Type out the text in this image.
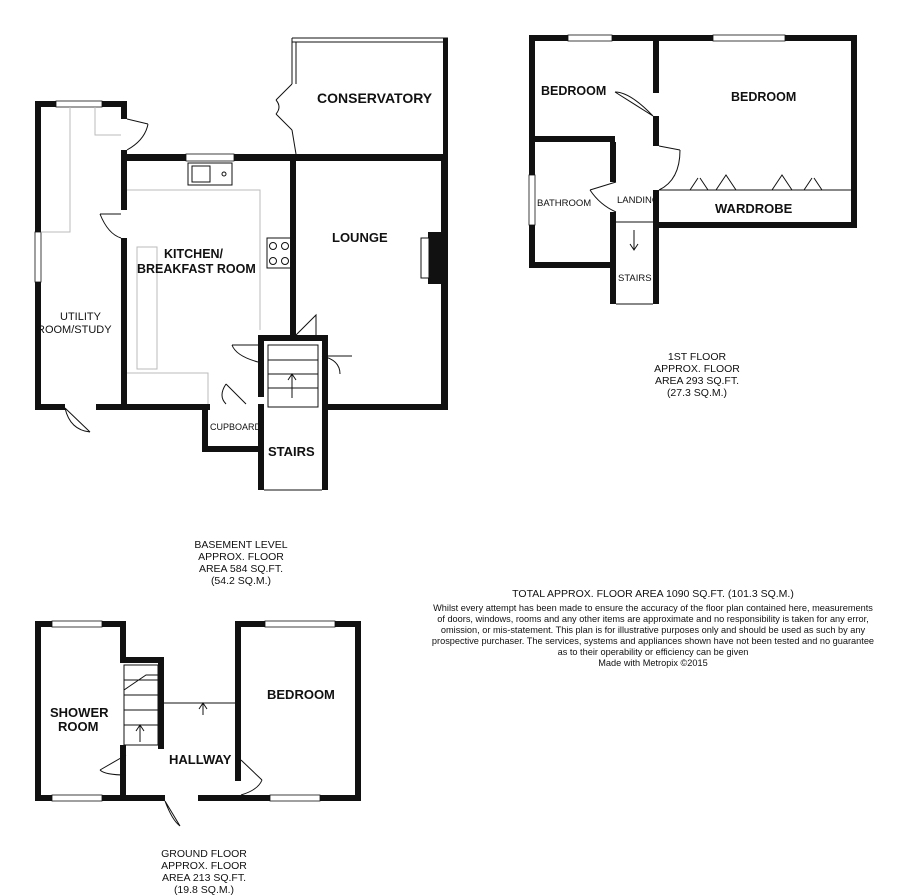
CONSERVATORY
KITCHEN/
BREAKFAST ROOM
LOUNGE
UTILITY
ROOM/STUDY
CUPBOARD
STAIRS
BEDROOM	BEDROOM
BATHROOM	LANDING
WARDROBE
STAIRS
SHOWER
ROOM
HALLWAY
BEDROOM
BASEMENT LEVEL
APPROX. FLOOR
AREA 584 SQ.FT.
(54.2 SQ.M.)
1ST FLOOR
APPROX. FLOOR
AREA 293 SQ.FT.
(27.3 SQ.M.)
GROUND FLOOR
APPROX. FLOOR
AREA 213 SQ.FT.
(19.8 SQ.M.)
TOTAL APPROX. FLOOR AREA 1090 SQ.FT. (101.3 SQ.M.)
Whilst every attempt has been made to ensure the accuracy of the floor plan contained here, measurements
of doors, windows, rooms and any other items are approximate and no responsibility is taken for any error,
omission, or mis-statement. This plan is for illustrative purposes only and should be used as such by any
prospective purchaser. The services, systems and appliances shown have not been tested and no guarantee
as to their operability or efficiency can be given
Made with Metropix ©2015
